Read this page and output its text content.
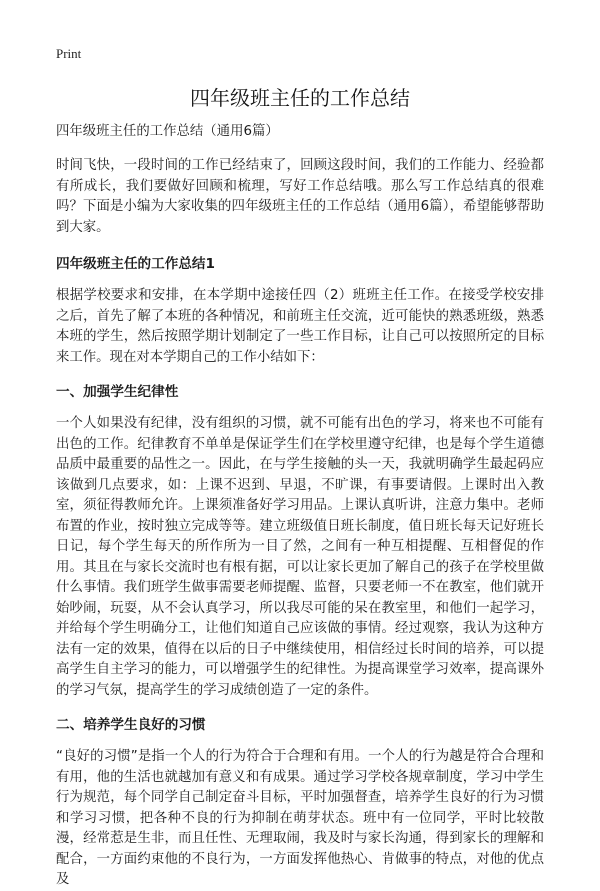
Print
四年级班主任的工作总结

四年级班主任的工作总结（通用6篇）

时间飞快，一段时间的工作已经结束了，回顾这段时间，我们的工作能力、经验都有所成长，我们要做好回顾和梳理，写好工作总结哦。那么写工作总结真的很难吗？下面是小编为大家收集的四年级班主任的工作总结（通用6篇），希望能够帮助到大家。

四年级班主任的工作总结1

根据学校要求和安排，在本学期中途接任四（2）班班主任工作。在接受学校安排之后，首先了解了本班的各种情况，和前班主任交流，近可能快的熟悉班级，熟悉本班的学生，然后按照学期计划制定了一些工作目标，让自己可以按照所定的目标来工作。现在对本学期自己的工作小结如下：

一、加强学生纪律性

一个人如果没有纪律，没有组织的习惯，就不可能有出色的学习，将来也不可能有出色的工作。纪律教育不单单是保证学生们在学校里遵守纪律，也是每个学生道德品质中最重要的品性之一。因此，在与学生接触的头一天，我就明确学生最起码应该做到几点要求，如：上课不迟到、早退，不旷课，有事要请假。上课时出入教室，须征得教师允许。上课须准备好学习用品。上课认真听讲，注意力集中。老师布置的作业，按时独立完成等等。建立班级值日班长制度，值日班长每天记好班长日记，每个学生每天的所作所为一目了然，之间有一种互相提醒、互相督促的作用。其且在与家长交流时也有根有据，可以让家长更加了解自己的孩子在学校里做什么事情。我们班学生做事需要老师提醒、监督，只要老师一不在教室，他们就开始吵闹，玩耍，从不会认真学习，所以我尽可能的呆在教室里，和他们一起学习，并给每个学生明确分工，让他们知道自己应该做的事情。经过观察，我认为这种方法有一定的效果，值得在以后的日子中继续使用，相信经过长时间的培养，可以提高学生自主学习的能力，可以增强学生的纪律性。为提高课堂学习效率，提高课外的学习气氛，提高学生的学习成绩创造了一定的条件。

二、培养学生良好的习惯

“良好的习惯”是指一个人的行为符合于合理和有用。一个人的行为越是符合合理和有用，他的生活也就越加有意义和有成果。通过学习学校各规章制度，学习中学生行为规范，每个同学自己制定奋斗目标，平时加强督查，培养学生良好的行为习惯和学习习惯，把各种不良的行为抑制在萌芽状态。班中有一位同学，平时比较散漫，经常惹是生非，而且任性、无理取闹，我及时与家长沟通，得到家长的理解和配合，一方面约束他的不良行为，一方面发挥他热心、肯做事的特点，对他的优点及
